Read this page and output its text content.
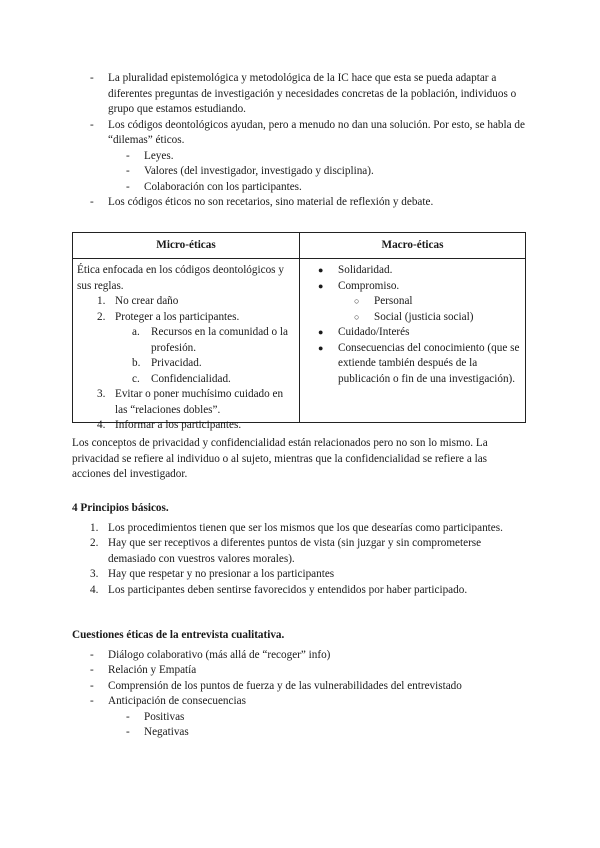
- La pluralidad epistemológica y metodológica de la IC hace que esta se pueda adaptar a diferentes preguntas de investigación y necesidades concretas de la población, individuos o grupo que estamos estudiando.
- Los códigos deontológicos ayudan, pero a menudo no dan una solución. Por esto, se habla de “dilemas” éticos.
- Leyes.
- Valores (del investigador, investigado y disciplina).
- Colaboración con los participantes.
- Los códigos éticos no son recetarios, sino material de reflexión y debate.
Micro-éticas	Macro-éticas
Ética enfocada en los códigos deontológicos y sus reglas.
1. No crear daño
2. Proteger a los participantes.
a. Recursos en la comunidad o la profesión.
b. Privacidad.
c. Confidencialidad.
3. Evitar o poner muchísimo cuidado en las “relaciones dobles”.
4. Informar a los participantes.
● Solidaridad.
● Compromiso.
○ Personal
○ Social (justicia social)
● Cuidado/Interés
● Consecuencias del conocimiento (que se extiende también después de la publicación o fin de una investigación).
Los conceptos de privacidad y confidencialidad están relacionados pero no son lo mismo. La privacidad se refiere al individuo o al sujeto, mientras que la confidencialidad se refiere a las acciones del investigador.
4 Principios básicos.
1. Los procedimientos tienen que ser los mismos que los que desearías como participantes.
2. Hay que ser receptivos a diferentes puntos de vista (sin juzgar y sin comprometerse demasiado con vuestros valores morales).
3. Hay que respetar y no presionar a los participantes
4. Los participantes deben sentirse favorecidos y entendidos por haber participado.
Cuestiones éticas de la entrevista cualitativa.
- Diálogo colaborativo (más allá de “recoger” info)
- Relación y Empatía
- Comprensión de los puntos de fuerza y de las vulnerabilidades del entrevistado
- Anticipación de consecuencias
- Positivas
- Negativas
